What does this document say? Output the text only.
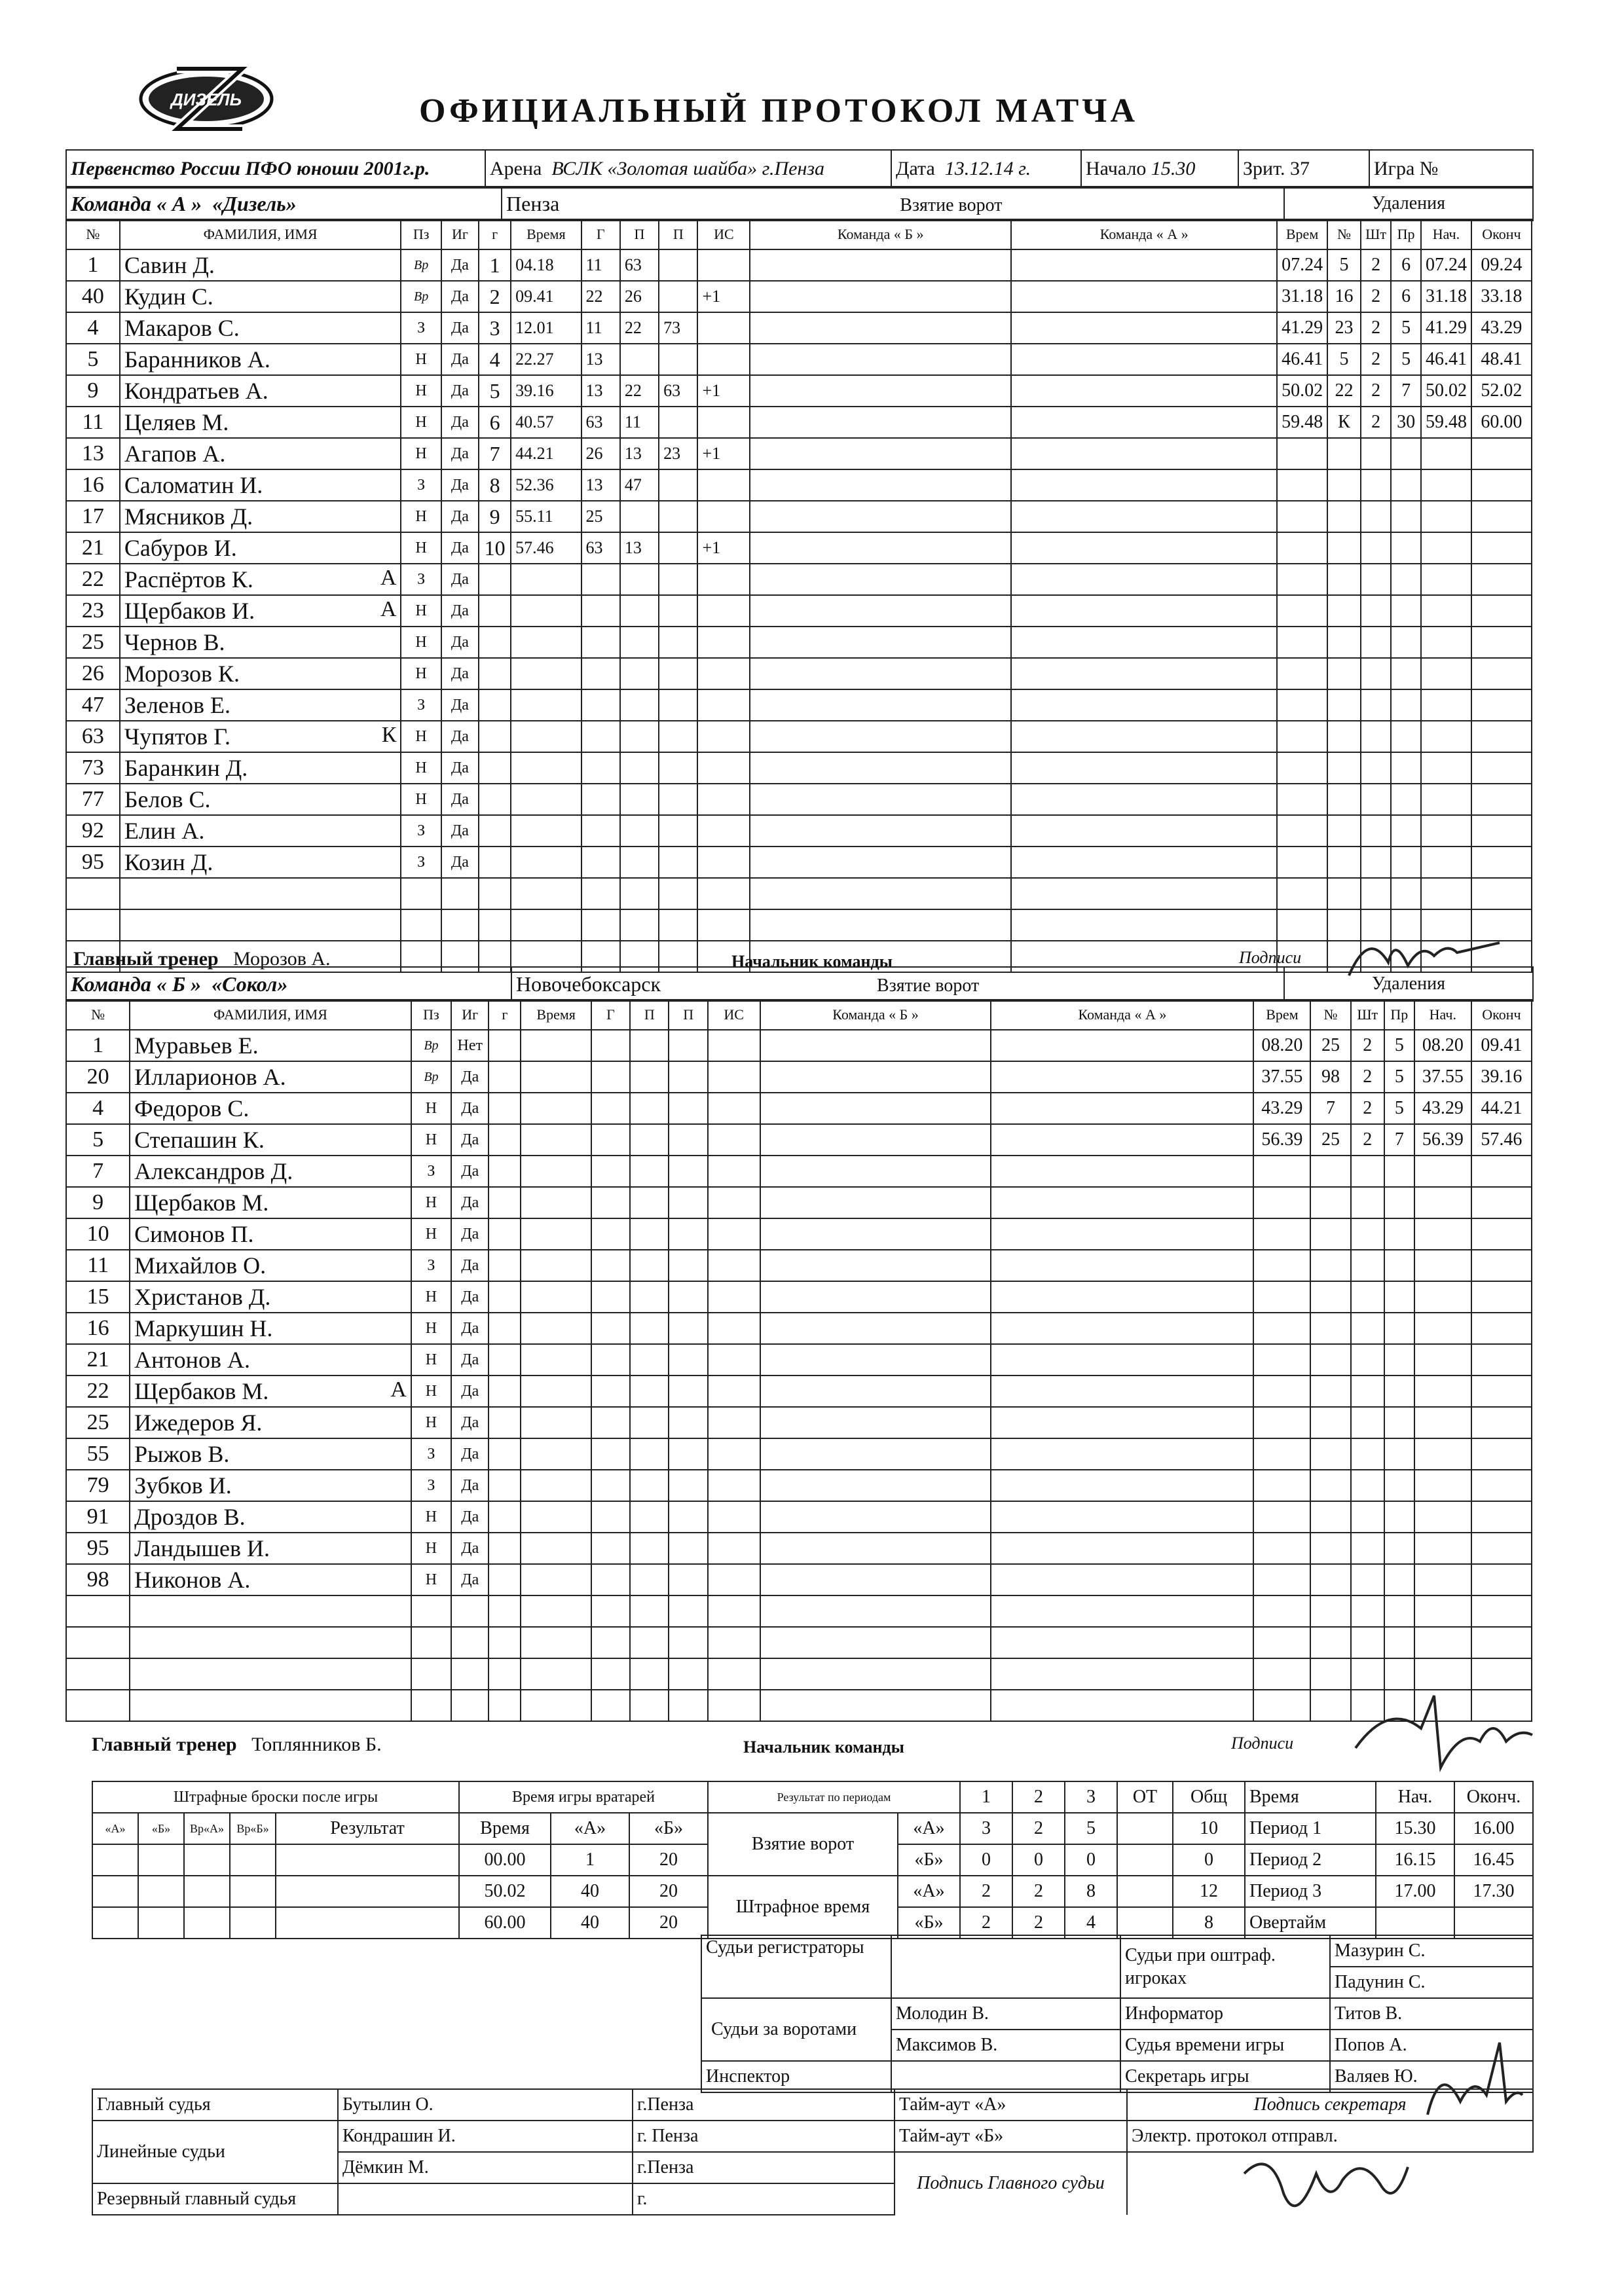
ДИЗЕЛЬ	ОФИЦИАЛЬНЫЙ ПРОТОКОЛ МАТЧА
Первенство России ПФО юноши 2001г.р.	Арена ВСЛК «Золотая шайба» г.Пенза	Дата 13.12.14 г.	Начало 15.30	Зрит. 37	Игра №
Команда « А » «Дизель»	Пенза	Взятие ворот	Удаления
№	ФАМИЛИЯ, ИМЯ	Пз	Иг	г	Время	Г	П	П	ИС	Команда « Б »	Команда « А »	Врем	№	Шт	Пр	Нач.	Оконч
1	Савин Д.	Вр	Да	1	04.18	11	63					07.24	5	2	6	07.24	09.24
40	Кудин С.	Вр	Да	2	09.41	22	26		+1			31.18	16	2	6	31.18	33.18
4	Макаров С.	З	Да	3	12.01	11	22	73				41.29	23	2	5	41.29	43.29
5	Баранников А.	Н	Да	4	22.27	13						46.41	5	2	5	46.41	48.41
9	Кондратьев А.	Н	Да	5	39.16	13	22	63	+1			50.02	22	2	7	50.02	52.02
11	Целяев М.	Н	Да	6	40.57	63	11					59.48	К	2	30	59.48	60.00
13	Агапов А.	Н	Да	7	44.21	26	13	23	+1								
16	Саломатин И.	З	Да	8	52.36	13	47										
17	Мясников Д.	Н	Да	9	55.11	25											
21	Сабуров И.	Н	Да	10	57.46	63	13		+1								
22	Распёртов К. А	З	Да														
23	Щербаков И. А	Н	Да														
25	Чернов В.	Н	Да														
26	Морозов К.	Н	Да														
47	Зеленов Е.	З	Да														
63	Чупятов Г. К	Н	Да														
73	Баранкин Д.	Н	Да														
77	Белов С.	Н	Да														
92	Елин А.	З	Да														
95	Козин Д.	З	Да														

Главный тренер Морозов А.	Начальник команды	Подписи
Команда « Б » «Сокол»	Новочебоксарск	Взятие ворот	Удаления
№	ФАМИЛИЯ, ИМЯ	Пз	Иг	г	Время	Г	П	П	ИС	Команда « Б »	Команда « А »	Врем	№	Шт	Пр	Нач.	Оконч
1	Муравьев Е.	Вр	Нет									08.20	25	2	5	08.20	09.41
20	Илларионов А.	Вр	Да									37.55	98	2	5	37.55	39.16
4	Федоров С.	Н	Да									43.29	7	2	5	43.29	44.21
5	Степашин К.	Н	Да									56.39	25	2	7	56.39	57.46
7	Александров Д.	З	Да														
9	Щербаков М.	Н	Да														
10	Симонов П.	Н	Да														
11	Михайлов О.	З	Да														
15	Христанов Д.	Н	Да														
16	Маркушин Н.	Н	Да														
21	Антонов А.	Н	Да														
22	Щербаков М. А	Н	Да														
25	Ижедеров Я.	Н	Да														
55	Рыжов В.	З	Да														
79	Зубков И.	З	Да														
91	Дроздов В.	Н	Да														
95	Ландышев И.	Н	Да														
98	Никонов А.	Н	Да														

Главный тренер Топлянников Б.	Начальник команды	Подписи
Штрафные броски после игры				
«А»	«Б»	Вр«А»	Вр«Б»	Результат

Время игры вратарей		
Время	«А»	«Б»
00.00	1	20
50.02	40	20
60.00	40	20
Результат по периодам		1	2	3	ОТ	Общ
Взятие ворот	«А»	3	2	5		10
	«Б»	0	0	0		0
Штрафное время	«А»	2	2	8		12
	«Б»	2	2	4		8
Время	Нач.	Оконч.
Период 1	15.30	16.00
Период 2	16.15	16.45
Период 3	17.00	17.30
Овертайм		
Судьи регистраторы		Судьи при оштраф. игроках	Мазурин С.
			Падунин С.
Судьи за воротами	Молодин В.	Информатор	Титов В.
	Максимов В.	Судья времени игры	Попов А.
Инспектор		Секретарь игры	Валяев Ю.
Главный судья	Бутылин О.	г.Пенза	Тайм-аут «А»	Подпись секретаря
Линейные судьи	Кондрашин И.	г. Пенза	Тайм-аут «Б»	Электр. протокол отправл.
	Дёмкин М.	г.Пенза	Подпись Главного судьи	
Резервный главный судья		г.		
